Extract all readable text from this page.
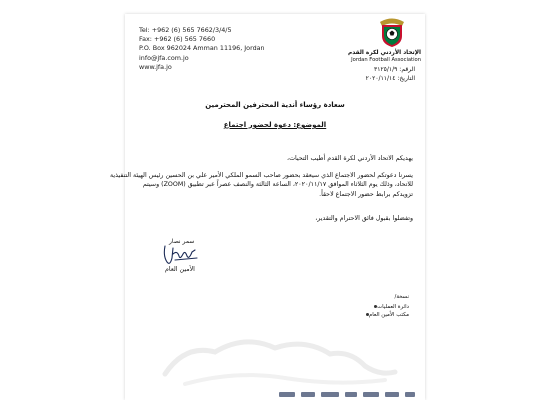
Tel: +962 (6) 565 7662/3/4/5
Fax: +962 (6) 565 7660
P.O. Box 962024 Amman 11196, Jordan
info@jfa.com.jo
www.jfa.jo
الإتحاد الأردني لكرة القدم
Jordan Football Association
الرقم: ٣١٢٥/١/٩
التاريخ: ٢٠٢٠/١١/١٤
سعادة رؤساء أندية المحترفين المحترمين
الموضوع: دعوة لحضور اجتماع
يهديكم الاتحاد الأردني لكرة القدم أطيب التحيات،
يسرنا دعوتكم لحضور الاجتماع الذي سيعقد بحضور صاحب السمو الملكي الأمير علي بن الحسين رئيس الهيئة التنفيذية
للاتحاد، وذلك يوم الثلاثاء الموافق ٢٠٢٠/١١/١٧، الساعة الثالثة والنصف عصراً عبر تطبيق (ZOOM) وسيتم
تزويدكم برابط حضور الاجتماع لاحقاً.
وتفضلوا بقبول فائق الاحترام والتقدير،
سمر نصار
الأمين العام
نسخة/
دائرة العمليات
مكتب الأمين العام
